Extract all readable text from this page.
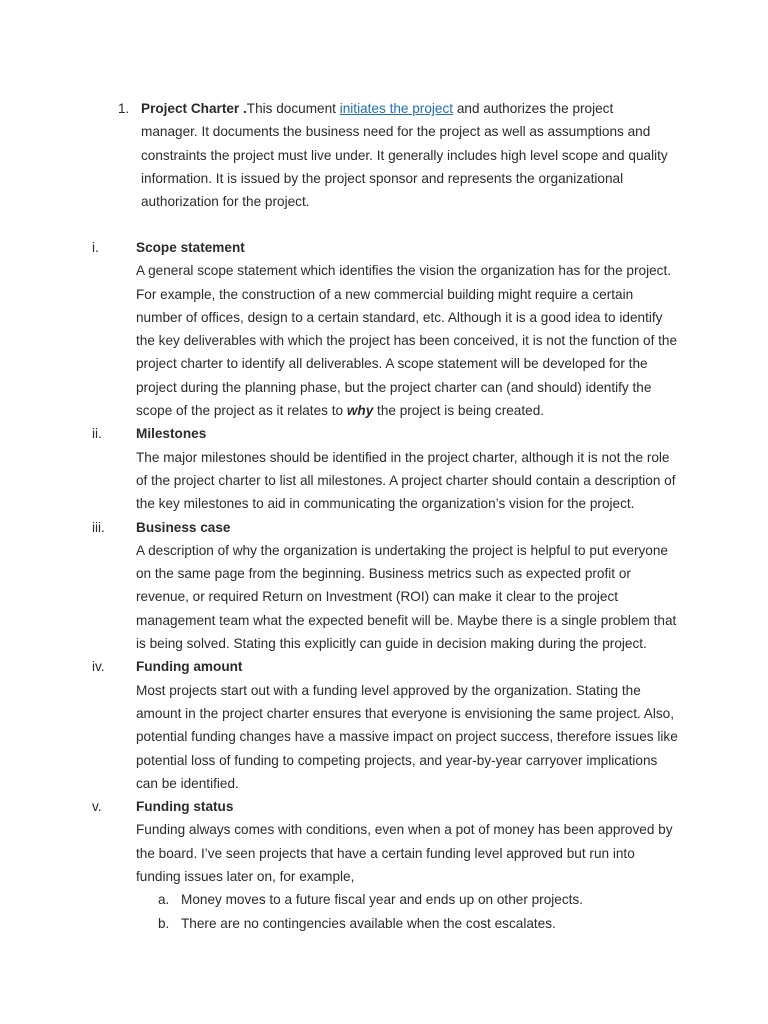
1. Project Charter .This document initiates the project and authorizes the project manager. It documents the business need for the project as well as assumptions and constraints the project must live under. It generally includes high level scope and quality information. It is issued by the project sponsor and represents the organizational authorization for the project.
i.	Scope statement
A general scope statement which identifies the vision the organization has for the project. For example, the construction of a new commercial building might require a certain number of offices, design to a certain standard, etc. Although it is a good idea to identify the key deliverables with which the project has been conceived, it is not the function of the project charter to identify all deliverables. A scope statement will be developed for the project during the planning phase, but the project charter can (and should) identify the scope of the project as it relates to why the project is being created.
ii.	Milestones
The major milestones should be identified in the project charter, although it is not the role of the project charter to list all milestones. A project charter should contain a description of the key milestones to aid in communicating the organization’s vision for the project.
iii.	Business case
A description of why the organization is undertaking the project is helpful to put everyone on the same page from the beginning. Business metrics such as expected profit or revenue, or required Return on Investment (ROI) can make it clear to the project management team what the expected benefit will be. Maybe there is a single problem that is being solved. Stating this explicitly can guide in decision making during the project.
iv.	Funding amount
Most projects start out with a funding level approved by the organization. Stating the amount in the project charter ensures that everyone is envisioning the same project. Also, potential funding changes have a massive impact on project success, therefore issues like potential loss of funding to competing projects, and year-by-year carryover implications can be identified.
v.	Funding status
Funding always comes with conditions, even when a pot of money has been approved by the board. I’ve seen projects that have a certain funding level approved but run into funding issues later on, for example,
a. Money moves to a future fiscal year and ends up on other projects.
b. There are no contingencies available when the cost escalates.
